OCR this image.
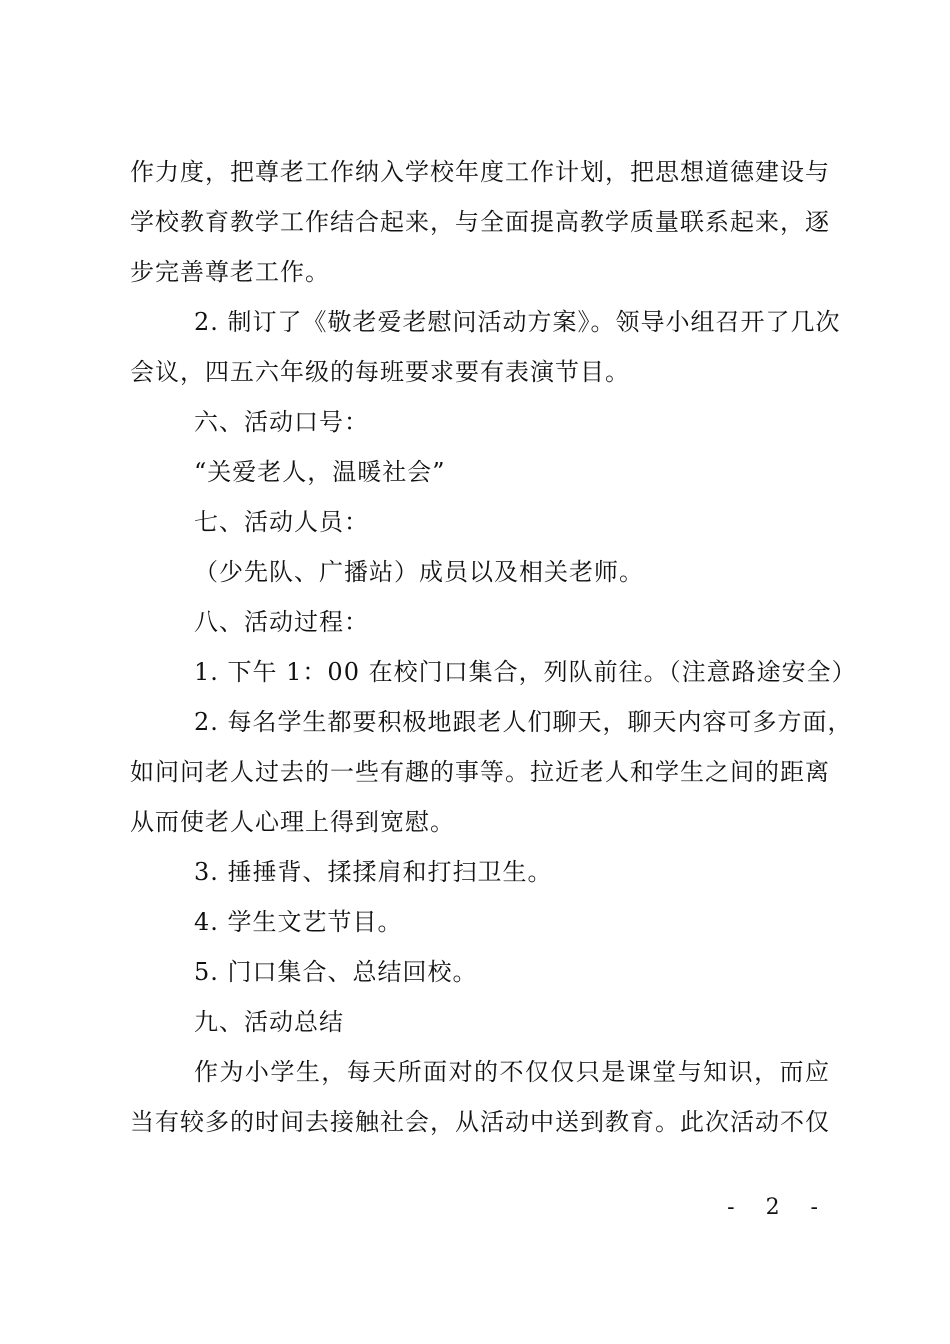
作力度，把尊老工作纳入学校年度工作计划，把思想道德建设与
学校教育教学工作结合起来，与全面提高教学质量联系起来，逐
步完善尊老工作。
2. 制订了《敬老爱老慰问活动方案》。领导小组召开了几次
会议，四五六年级的每班要求要有表演节目。
六、活动口号：
“关爱老人，温暖社会”
七、活动人员：
（少先队、广播站）成员以及相关老师。
八、活动过程：
1. 下午 1：00 在校门口集合，列队前往。（注意路途安全）
2. 每名学生都要积极地跟老人们聊天，聊天内容可多方面，
如问问老人过去的一些有趣的事等。拉近老人和学生之间的距离
从而使老人心理上得到宽慰。
3. 捶捶背、揉揉肩和打扫卫生。
4. 学生文艺节目。
5. 门口集合、总结回校。
九、活动总结
作为小学生，每天所面对的不仅仅只是课堂与知识，而应
当有较多的时间去接触社会，从活动中送到教育。此次活动不仅
- 2 -
